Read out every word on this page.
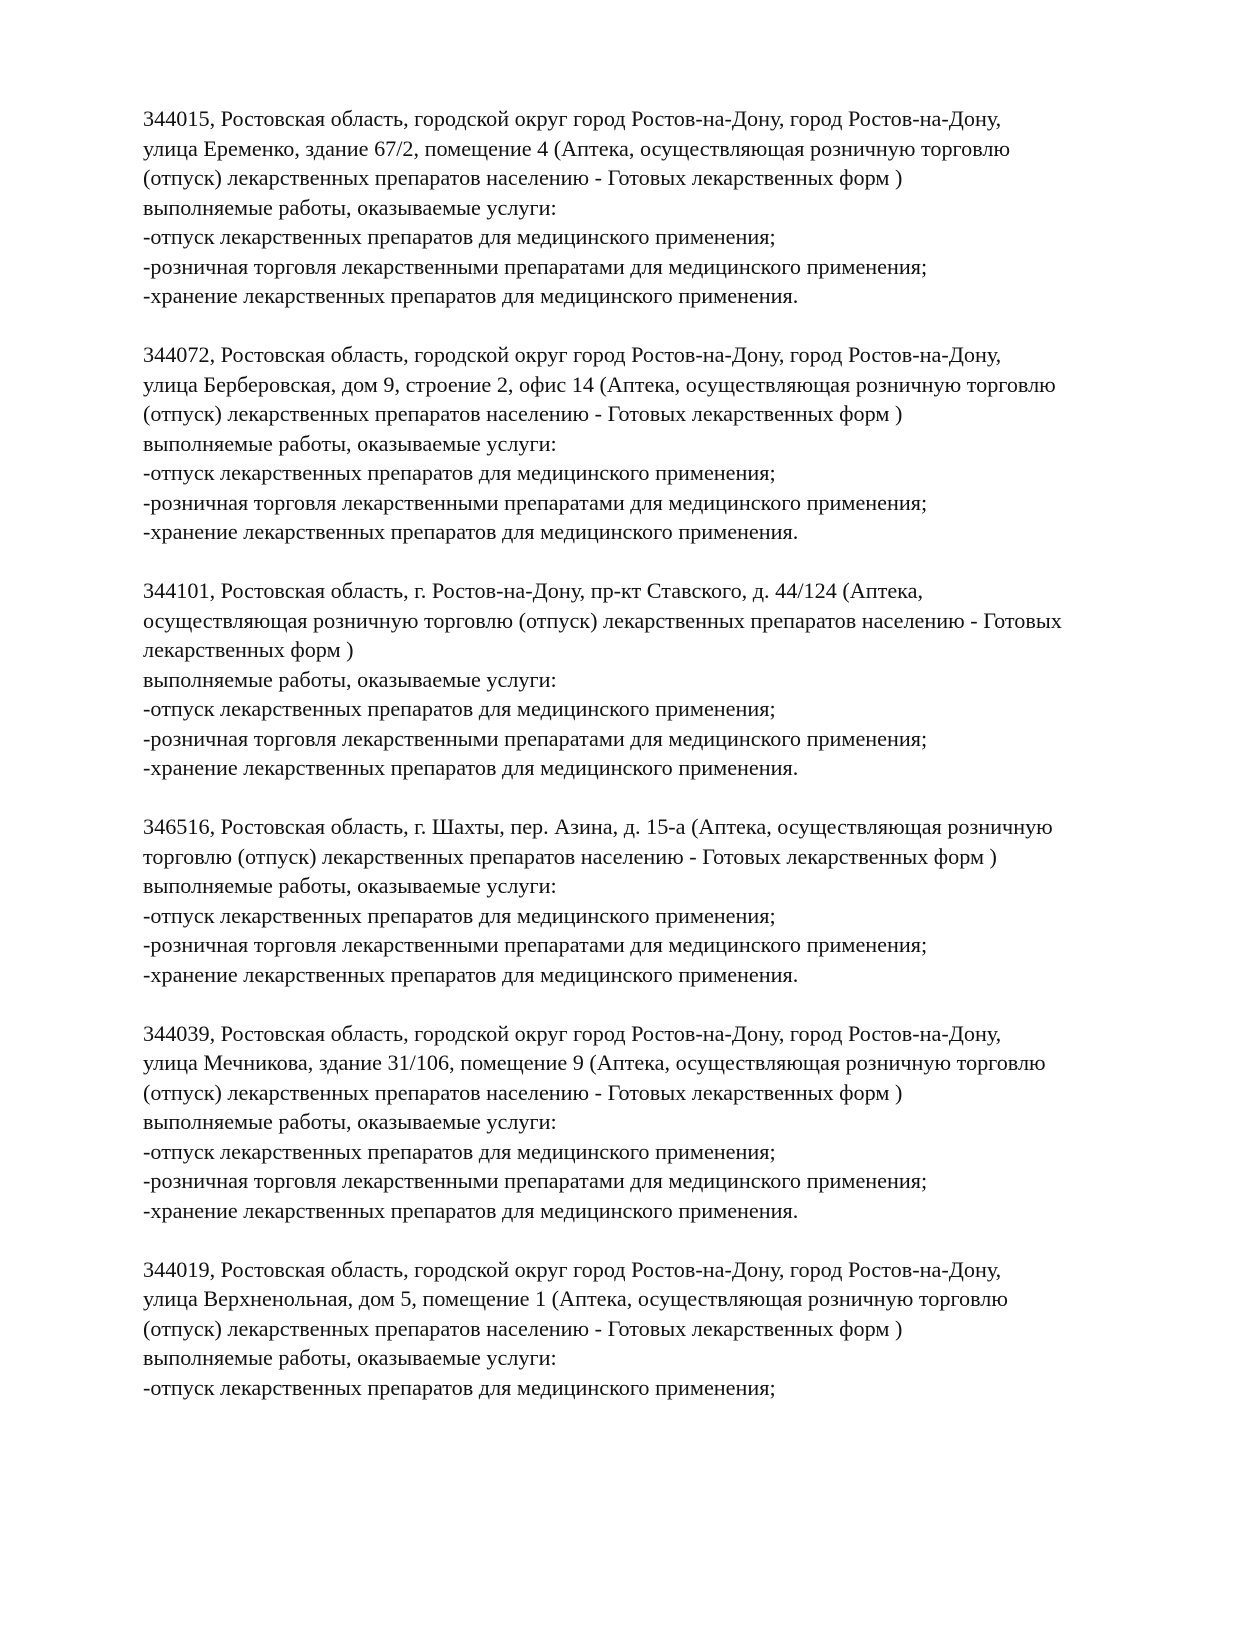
344015, Ростовская область, городской округ город Ростов-на-Дону, город Ростов-на-Дону,
улица Еременко, здание 67/2, помещение 4 (Аптека, осуществляющая розничную торговлю
(отпуск) лекарственных препаратов населению - Готовых лекарственных форм )
выполняемые работы, оказываемые услуги:
-отпуск лекарственных препаратов для медицинского применения;
-розничная торговля лекарственными препаратами для медицинского применения;
-хранение лекарственных препаратов для медицинского применения.
344072, Ростовская область, городской округ город Ростов-на-Дону, город Ростов-на-Дону,
улица Берберовская, дом 9, строение 2, офис 14 (Аптека, осуществляющая розничную торговлю
(отпуск) лекарственных препаратов населению - Готовых лекарственных форм )
выполняемые работы, оказываемые услуги:
-отпуск лекарственных препаратов для медицинского применения;
-розничная торговля лекарственными препаратами для медицинского применения;
-хранение лекарственных препаратов для медицинского применения.
344101, Ростовская область, г. Ростов-на-Дону, пр-кт Ставского, д. 44/124 (Аптека,
осуществляющая розничную торговлю (отпуск) лекарственных препаратов населению - Готовых
лекарственных форм )
выполняемые работы, оказываемые услуги:
-отпуск лекарственных препаратов для медицинского применения;
-розничная торговля лекарственными препаратами для медицинского применения;
-хранение лекарственных препаратов для медицинского применения.
346516, Ростовская область, г. Шахты, пер. Азина, д. 15-а (Аптека, осуществляющая розничную
торговлю (отпуск) лекарственных препаратов населению - Готовых лекарственных форм )
выполняемые работы, оказываемые услуги:
-отпуск лекарственных препаратов для медицинского применения;
-розничная торговля лекарственными препаратами для медицинского применения;
-хранение лекарственных препаратов для медицинского применения.
344039, Ростовская область, городской округ город Ростов-на-Дону, город Ростов-на-Дону,
улица Мечникова, здание 31/106, помещение 9 (Аптека, осуществляющая розничную торговлю
(отпуск) лекарственных препаратов населению - Готовых лекарственных форм )
выполняемые работы, оказываемые услуги:
-отпуск лекарственных препаратов для медицинского применения;
-розничная торговля лекарственными препаратами для медицинского применения;
-хранение лекарственных препаратов для медицинского применения.
344019, Ростовская область, городской округ город Ростов-на-Дону, город Ростов-на-Дону,
улица Верхненольная, дом 5, помещение 1 (Аптека, осуществляющая розничную торговлю
(отпуск) лекарственных препаратов населению - Готовых лекарственных форм )
выполняемые работы, оказываемые услуги:
-отпуск лекарственных препаратов для медицинского применения;
